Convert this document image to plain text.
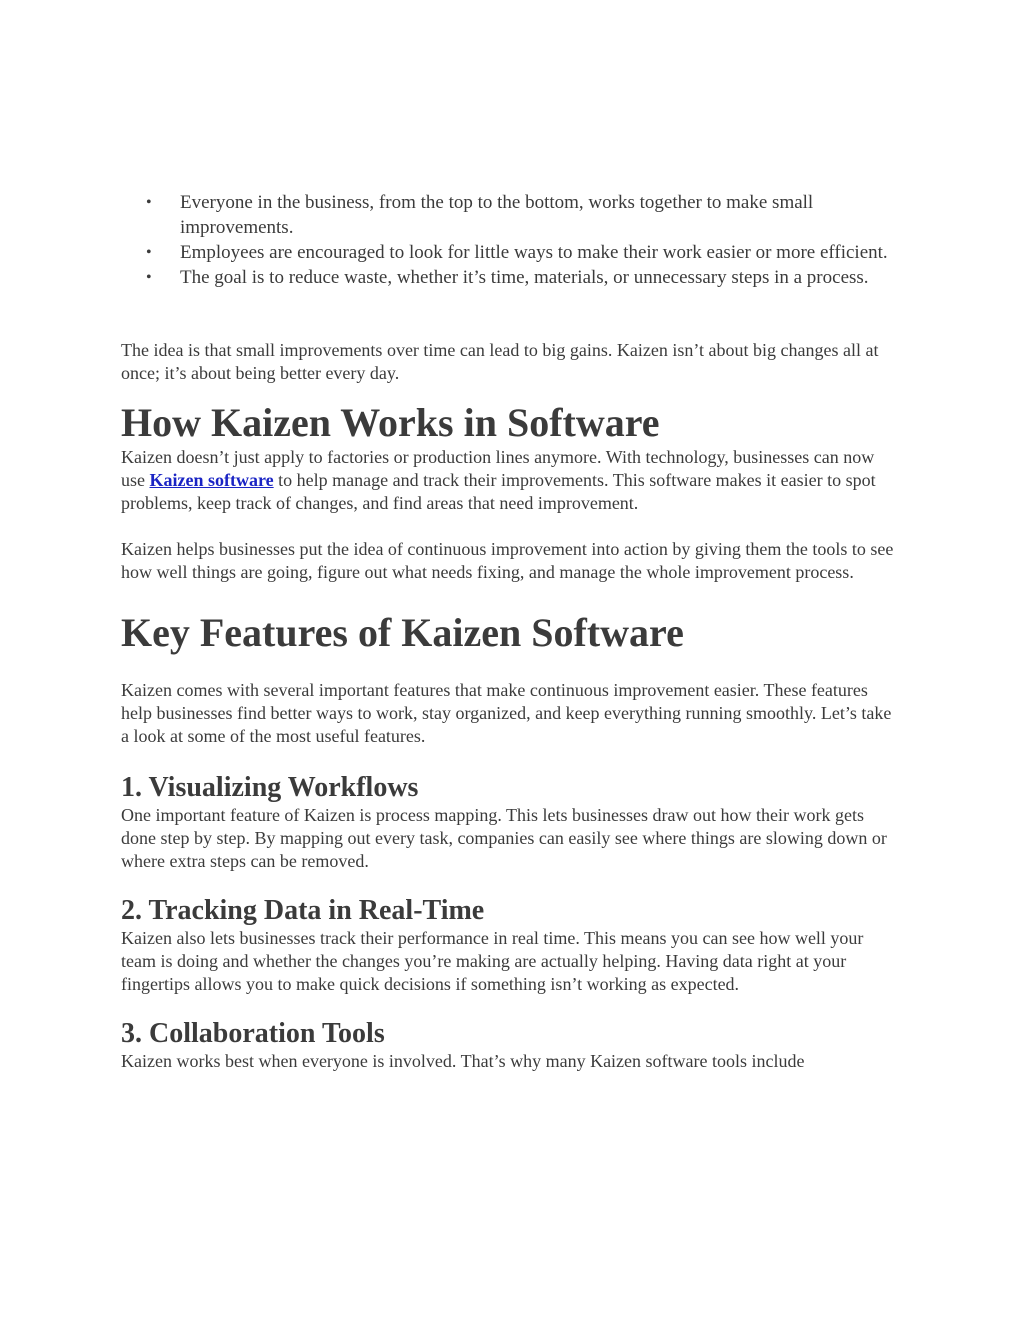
• Everyone in the business, from the top to the bottom, works together to make small improvements.
• Employees are encouraged to look for little ways to make their work easier or more efficient.
• The goal is to reduce waste, whether it’s time, materials, or unnecessary steps in a process.

The idea is that small improvements over time can lead to big gains. Kaizen isn’t about big changes all at once; it’s about being better every day.

How Kaizen Works in Software

Kaizen doesn’t just apply to factories or production lines anymore. With technology, businesses can now use Kaizen software to help manage and track their improvements. This software makes it easier to spot problems, keep track of changes, and find areas that need improvement.

Kaizen helps businesses put the idea of continuous improvement into action by giving them the tools to see how well things are going, figure out what needs fixing, and manage the whole improvement process.

Key Features of Kaizen Software

Kaizen comes with several important features that make continuous improvement easier. These features help businesses find better ways to work, stay organized, and keep everything running smoothly. Let’s take a look at some of the most useful features.

1. Visualizing Workflows

One important feature of Kaizen is process mapping. This lets businesses draw out how their work gets done step by step. By mapping out every task, companies can easily see where things are slowing down or where extra steps can be removed.

2. Tracking Data in Real-Time

Kaizen also lets businesses track their performance in real time. This means you can see how well your team is doing and whether the changes you’re making are actually helping. Having data right at your fingertips allows you to make quick decisions if something isn’t working as expected.

3. Collaboration Tools

Kaizen works best when everyone is involved. That’s why many Kaizen software tools include
